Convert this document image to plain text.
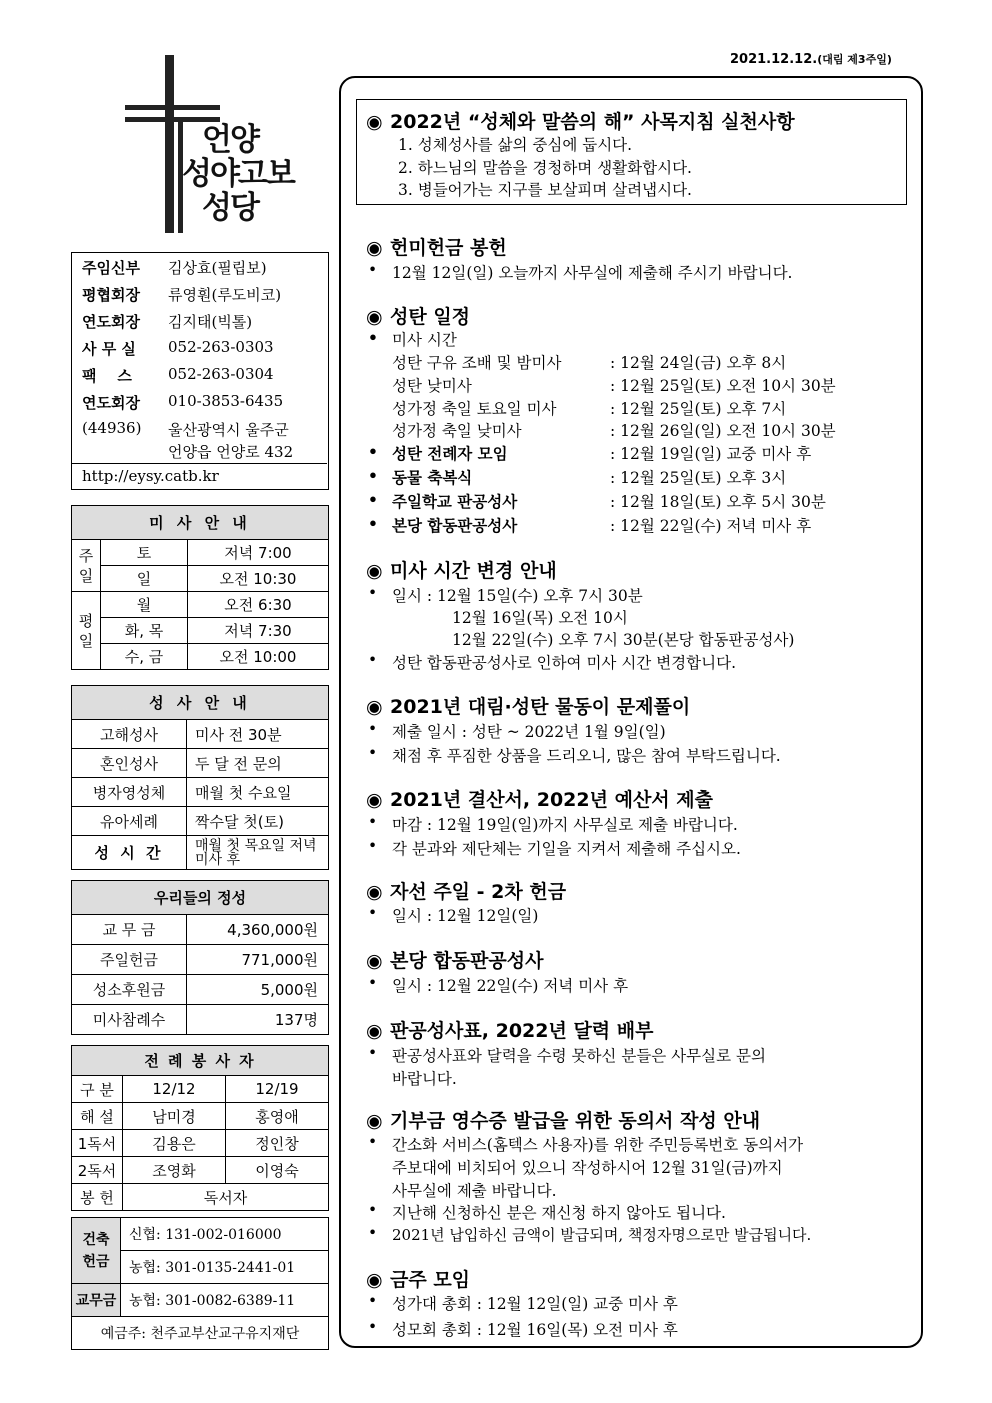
2021.12.12.(대림 제3주일)
언양
성야고보
성당
주임신부 김상효(필립보)
평협회장 류영훤(루도비코)
연도회장 김지태(빅톨)
사 무 실 052-263-0303
팩    스 052-263-0304
연도회장 010-3853-6435
(44936) 울산광역시 울주군
언양읍 언양로 432
http://eysy.catb.kr
미 사 안 내		
주일	토	저녁 7:00
	일	오전 10:30
평일	월	오전 6:30
	화, 목	저녁 7:30
	수, 금	오전 10:00
성 사 안 내	
고해성사	미사 전 30분
혼인성사	두 달 전 문의
병자영성체	매월 첫 수요일
유아세례	짝수달 첫(토)
성 시 간	매월 첫 목요일 저녁미사 후
우리들의 정성	
교 무 금	4,360,000원
주일헌금	771,000원
성소후원금	5,000원
미사참례수	137명
전 례 봉 사 자		
구 분	12/12	12/19
해 설	남미경	홍영애
1독서	김용은	정인창
2독서	조영화	이영숙
봉 헌	독서자	
건축헌금	신협: 131-002-016000
	농협: 301-0135-2441-01
교무금	농협: 301-0082-6389-11
예금주: 천주교부산교구유지재단	
◉ 2022년 “성체와 말씀의 해” 사목지침 실천사항
1. 성체성사를 삶의 중심에 둡시다.
2. 하느님의 말씀을 경청하며 생활화합시다.
3. 병들어가는 지구를 보살피며 살려냅시다.
◉ 헌미헌금 봉헌
• 12월 12일(일) 오늘까지 사무실에 제출해 주시기 바랍니다.
◉ 성탄 일정
• 미사 시간
성탄 구유 조배 및 밤미사	: 12월 24일(금) 오후 8시
성탄 낮미사	: 12월 25일(토) 오전 10시 30분
성가정 축일 토요일 미사	: 12월 25일(토) 오후 7시
성가정 축일 낮미사	: 12월 26일(일) 오전 10시 30분
• 성탄 전례자 모임	: 12월 19일(일) 교중 미사 후
• 동물 축복식	: 12월 25일(토) 오후 3시
• 주일학교 판공성사	: 12월 18일(토) 오후 5시 30분
• 본당 합동판공성사	: 12월 22일(수) 저녁 미사 후
◉ 미사 시간 변경 안내
• 일시 : 12월 15일(수) 오후 7시 30분
12월 16일(목) 오전 10시
12월 22일(수) 오후 7시 30분(본당 합동판공성사)
• 성탄 합동판공성사로 인하여 미사 시간 변경합니다.
◉ 2021년 대림·성탄 물동이 문제풀이
• 제출 일시 : 성탄 ~ 2022년 1월 9일(일)
• 채점 후 푸짐한 상품을 드리오니, 많은 참여 부탁드립니다.
◉ 2021년 결산서, 2022년 예산서 제출
• 마감 : 12월 19일(일)까지 사무실로 제출 바랍니다.
• 각 분과와 제단체는 기일을 지켜서 제출해 주십시오.
◉ 자선 주일 - 2차 헌금
• 일시 : 12월 12일(일)
◉ 본당 합동판공성사
• 일시 : 12월 22일(수) 저녁 미사 후
◉ 판공성사표, 2022년 달력 배부
• 판공성사표와 달력을 수령 못하신 분들은 사무실로 문의
바랍니다.
◉ 기부금 영수증 발급을 위한 동의서 작성 안내
• 간소화 서비스(홈텍스 사용자)를 위한 주민등록번호 동의서가
주보대에 비치되어 있으니 작성하시어 12월 31일(금)까지
사무실에 제출 바랍니다.
• 지난해 신청하신 분은 재신청 하지 않아도 됩니다.
• 2021년 납입하신 금액이 발급되며, 책정자명으로만 발급됩니다.
◉ 금주 모임
• 성가대 총회 : 12월 12일(일) 교중 미사 후
• 성모회 총회 : 12월 16일(목) 오전 미사 후
